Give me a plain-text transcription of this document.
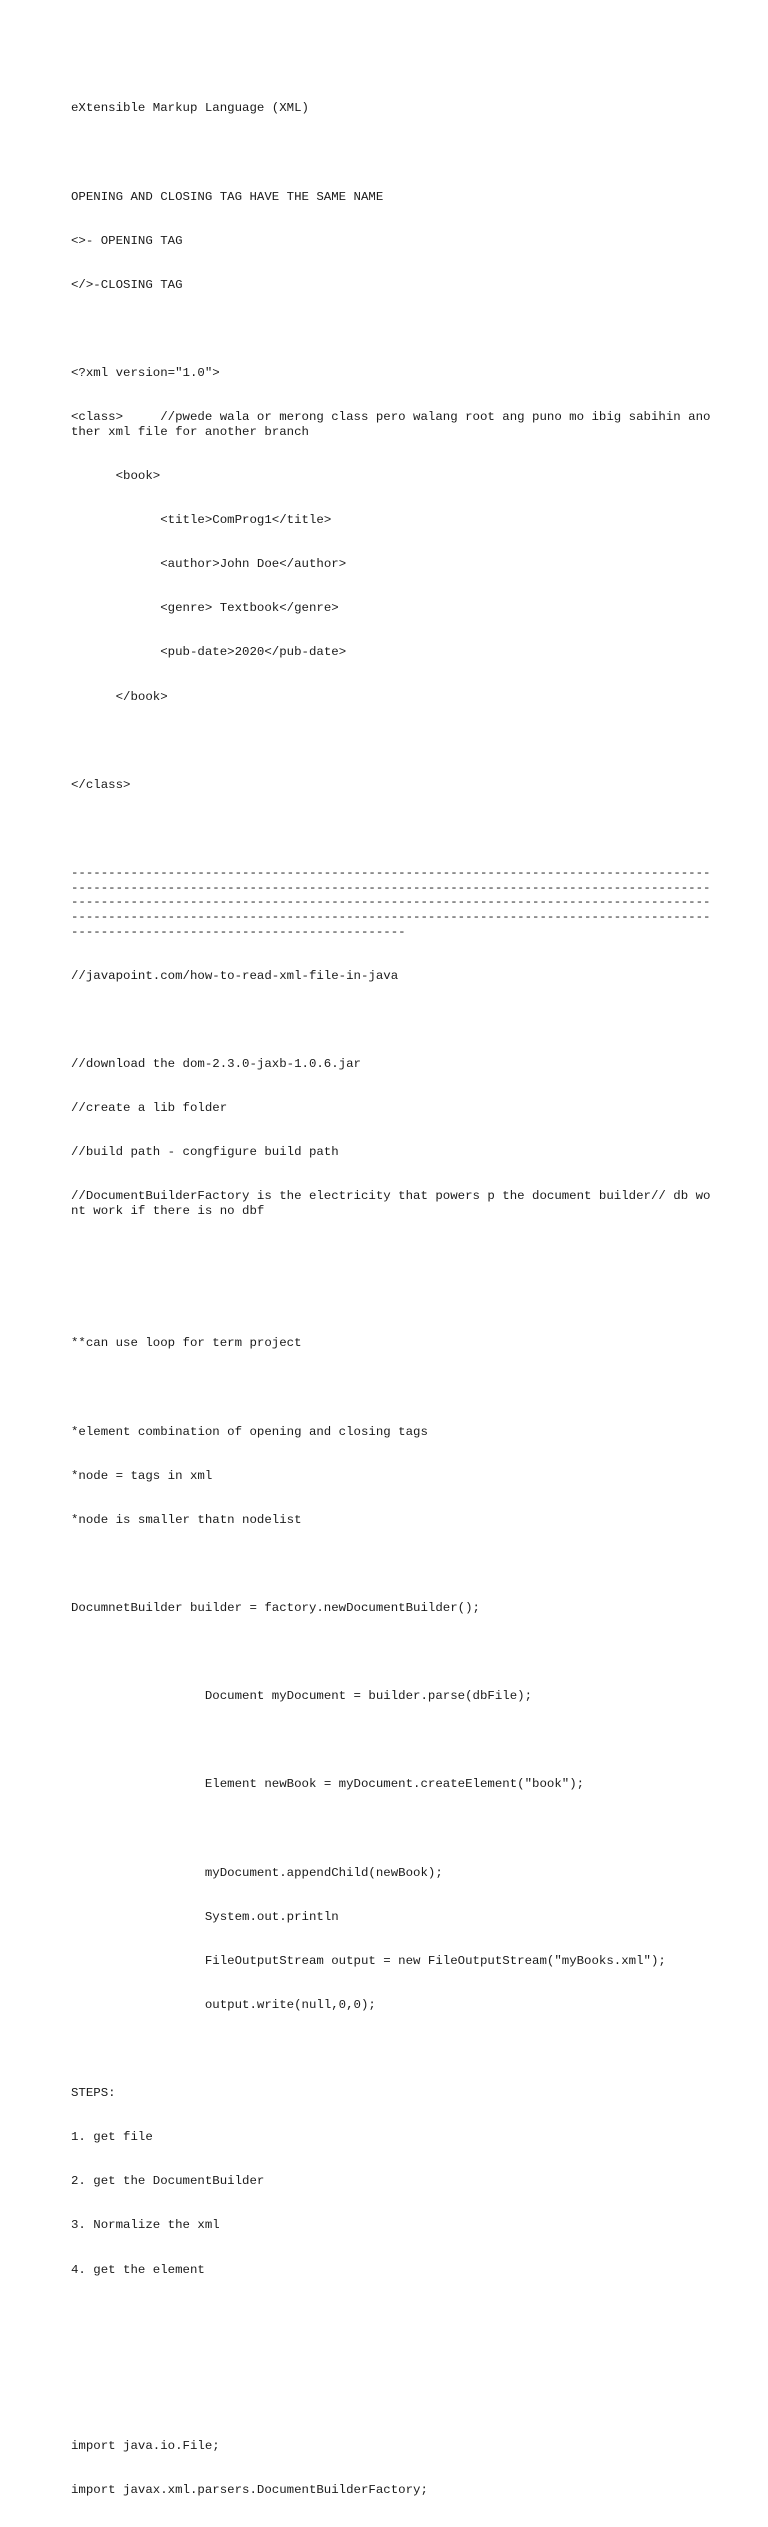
eXtensible Markup Language (XML)

OPENING AND CLOSING TAG HAVE THE SAME NAME

<>- OPENING TAG

</>-CLOSING TAG

<?xml version="1.0">

<class>     //pwede wala or merong class pero walang root ang puno mo ibig sabihin another xml file for another branch

<book>

<title>ComProg1</title>

<author>John Doe</author>

<genre> Textbook</genre>

<pub-date>2020</pub-date>

</book>

</class>

-----------------------------------------------------------------------------------------------------------------------------------------------------------------------------------------------------------------------------------------------------------------------------------------------------------------------------------------------------------------------------------------------------

//javapoint.com/how-to-read-xml-file-in-java

//download the dom-2.3.0-jaxb-1.0.6.jar

//create a lib folder

//build path - congfigure build path

//DocumentBuilderFactory is the electricity that powers p the document builder// db wont work if there is no dbf

**can use loop for term project

*element combination of opening and closing tags

*node = tags in xml

*node is smaller thatn nodelist

DocumnetBuilder builder = factory.newDocumentBuilder();

Document myDocument = builder.parse(dbFile);

Element newBook = myDocument.createElement("book");

myDocument.appendChild(newBook);

System.out.println

FileOutputStream output = new FileOutputStream("myBooks.xml");

output.write(null,0,0);

STEPS:

1. get file

2. get the DocumentBuilder

3. Normalize the xml

4. get the element

import java.io.File;

import javax.xml.parsers.DocumentBuilderFactory;
